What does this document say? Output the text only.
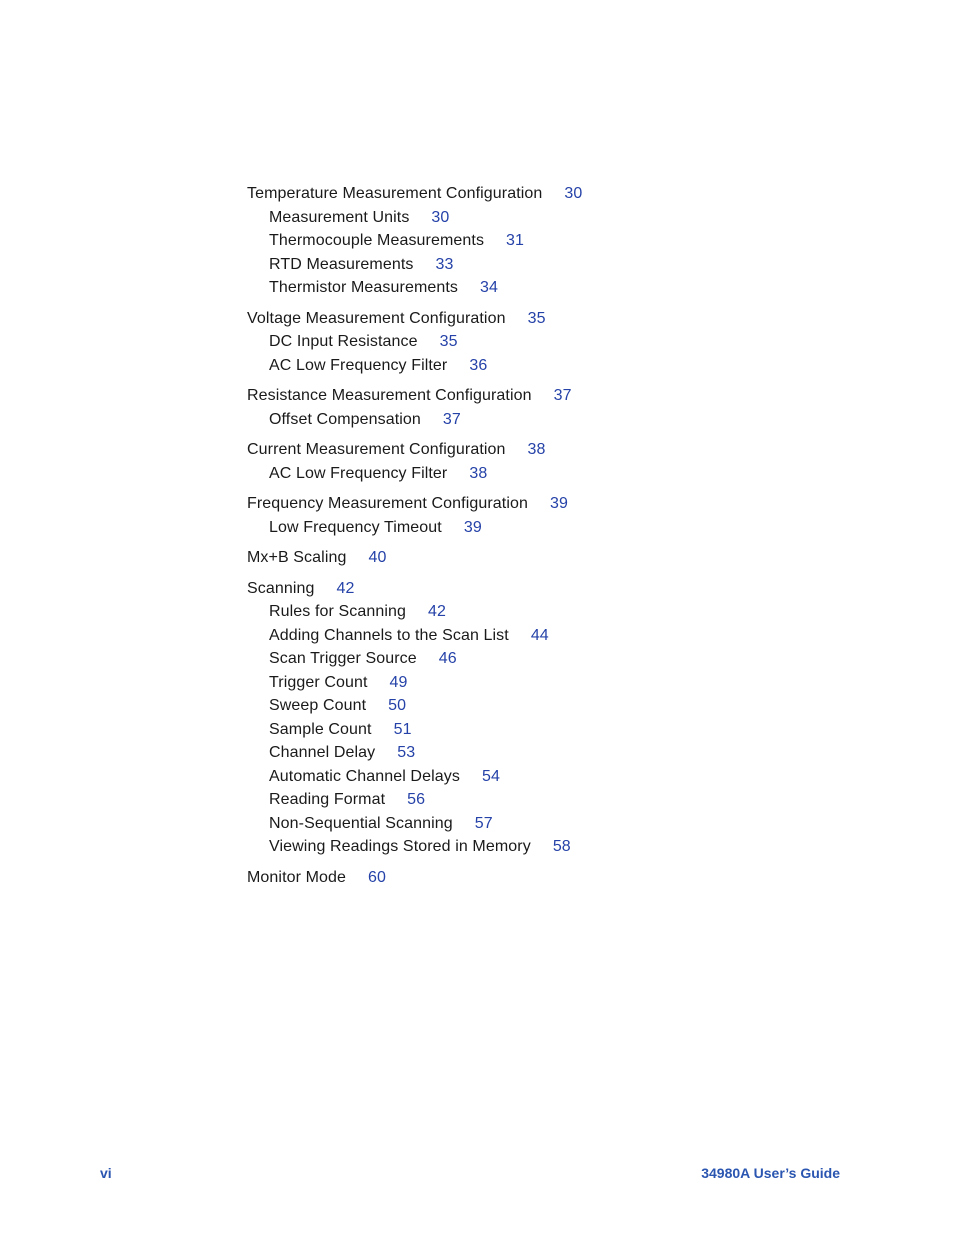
Temperature Measurement Configuration 30
Measurement Units 30
Thermocouple Measurements 31
RTD Measurements 33
Thermistor Measurements 34
Voltage Measurement Configuration 35
DC Input Resistance 35
AC Low Frequency Filter 36
Resistance Measurement Configuration 37
Offset Compensation 37
Current Measurement Configuration 38
AC Low Frequency Filter 38
Frequency Measurement Configuration 39
Low Frequency Timeout 39
Mx+B Scaling 40
Scanning 42
Rules for Scanning 42
Adding Channels to the Scan List 44
Scan Trigger Source 46
Trigger Count 49
Sweep Count 50
Sample Count 51
Channel Delay 53
Automatic Channel Delays 54
Reading Format 56
Non-Sequential Scanning 57
Viewing Readings Stored in Memory 58
Monitor Mode 60
vi	34980A User’s Guide
